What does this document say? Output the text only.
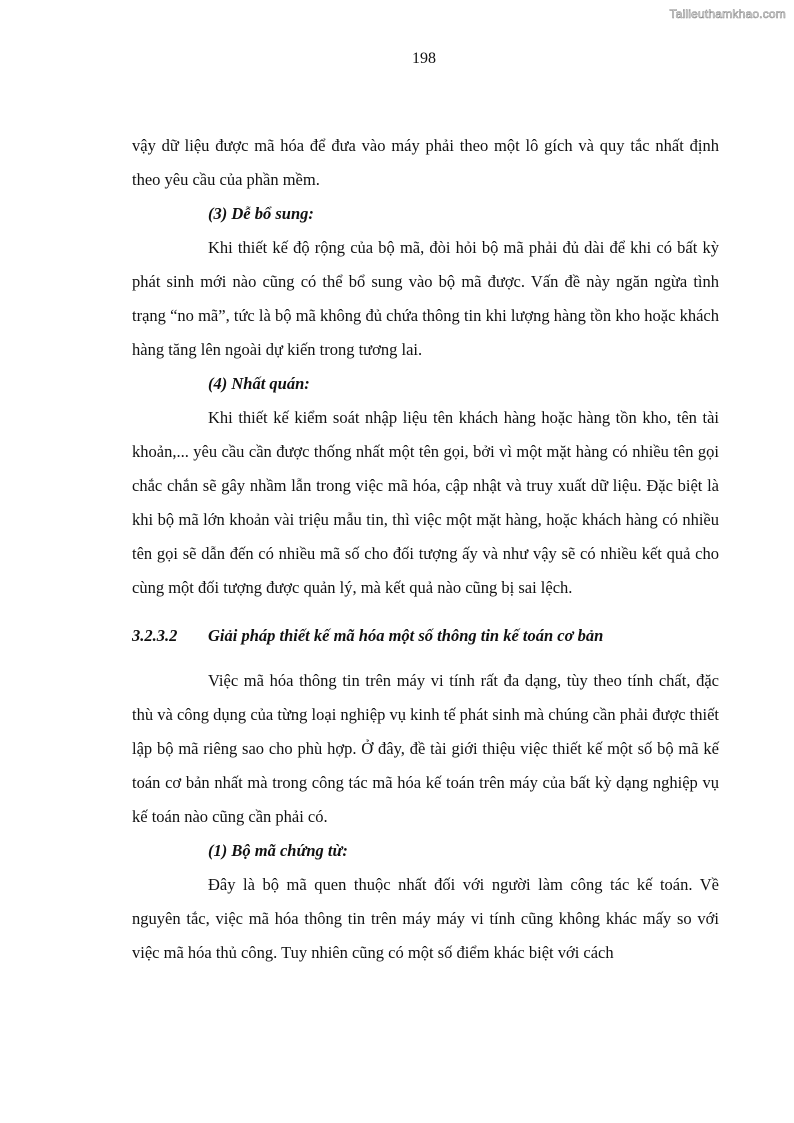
Tailieuthamkhao.com
198

vậy dữ liệu được mã hóa để đưa vào máy phải theo một lô gích và quy tắc nhất định theo yêu cầu của phần mềm.

(3) Dễ bổ sung:

Khi thiết kế độ rộng của bộ mã, đòi hỏi bộ mã phải đủ dài để khi có bất kỳ phát sinh mới nào cũng có thể bổ sung vào bộ mã được. Vấn đề này ngăn ngừa tình trạng “no mã”, tức là bộ mã không đủ chứa thông tin khi lượng hàng tồn kho hoặc khách hàng tăng lên ngoài dự kiến trong tương lai.

(4) Nhất quán:

Khi thiết kế kiểm soát nhập liệu tên khách hàng hoặc hàng tồn kho, tên tài khoản,... yêu cầu cần được thống nhất một tên gọi, bởi vì một mặt hàng có nhiều tên gọi chắc chắn sẽ gây nhầm lẫn trong việc mã hóa, cập nhật và truy xuất dữ liệu. Đặc biệt là khi bộ mã lớn khoản vài triệu mẫu tin, thì việc một mặt hàng, hoặc khách hàng có nhiều tên gọi sẽ dẫn đến có nhiều mã số cho đối tượng ấy và như vậy sẽ có nhiều kết quả cho cùng một đối tượng được quản lý, mà kết quả nào cũng bị sai lệch.

3.2.3.2	Giải pháp thiết kế mã hóa một số thông tin kế toán cơ bản

Việc mã hóa thông tin trên máy vi tính rất đa dạng, tùy theo tính chất, đặc thù và công dụng của từng loại nghiệp vụ kinh tế phát sinh mà chúng cần phải được thiết lập bộ mã riêng sao cho phù hợp. Ở đây, đề tài giới thiệu việc thiết kế một số bộ mã kế toán cơ bản nhất mà trong công tác mã hóa kế toán trên máy của bất kỳ dạng nghiệp vụ kế toán nào cũng cần phải có.

(1) Bộ mã chứng từ:

Đây là bộ mã quen thuộc nhất đối với người làm công tác kế toán. Về nguyên tắc, việc mã hóa thông tin trên máy máy vi tính cũng không khác mấy so với việc mã hóa thủ công. Tuy nhiên cũng có một số điểm khác biệt với cách
